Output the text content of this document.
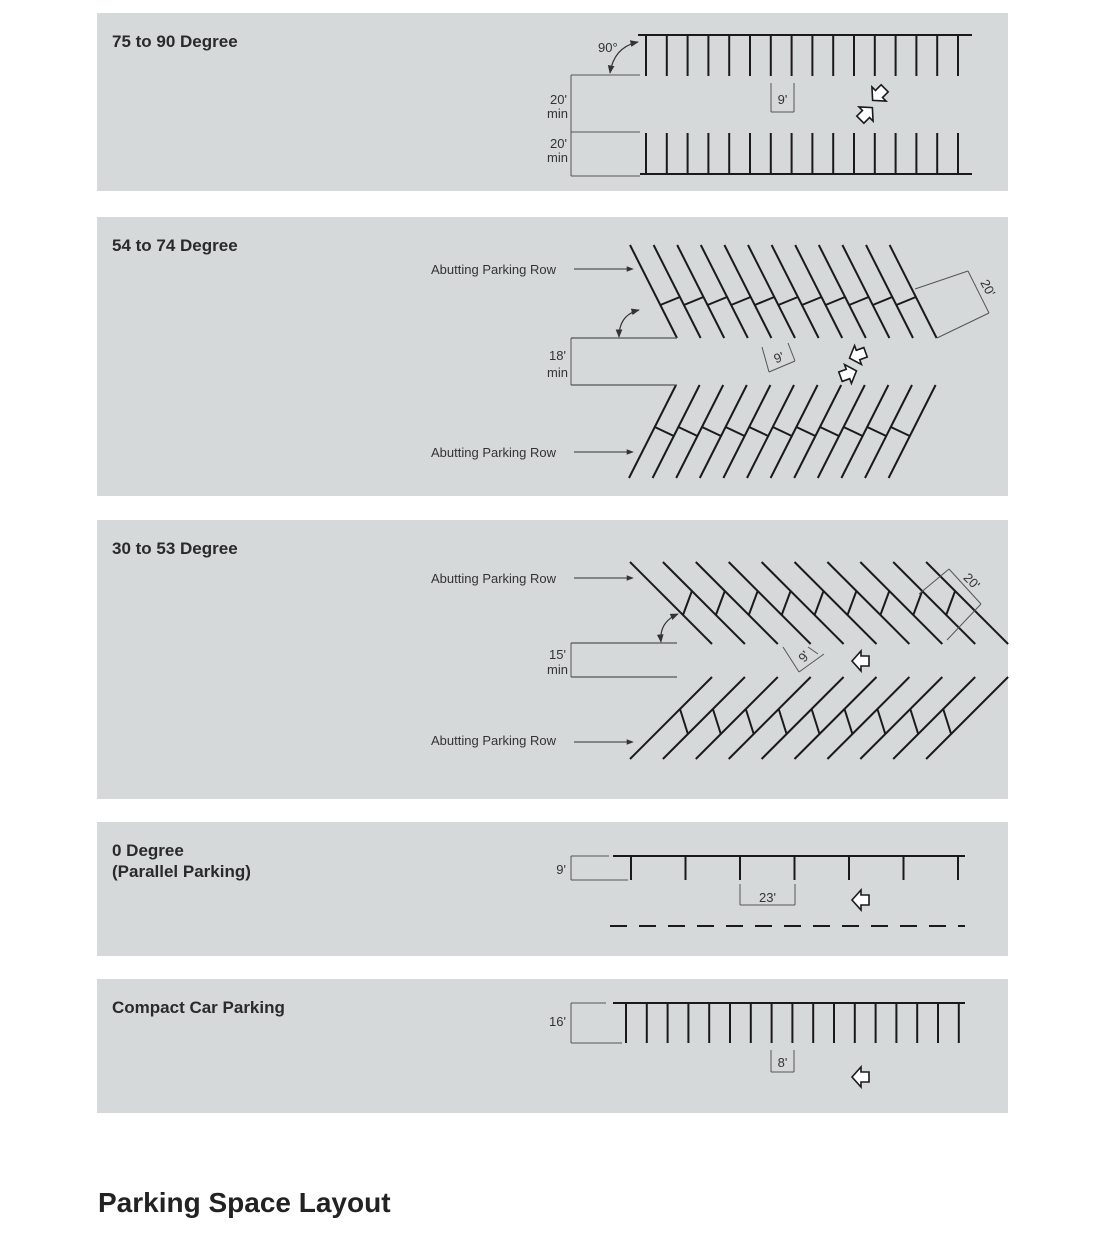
75 to 90 Degree
54 to 74 Degree
30 to 53 Degree
0 Degree
(Parallel Parking)
Compact Car Parking
20'
min
20'
min
90°
9'
Abutting Parking Row
Abutting Parking Row
18'
min
9'
20'
Abutting Parking Row
Abutting Parking Row
15'
min
9'
20'
9'
23'
16'
8'
Parking Space Layout
